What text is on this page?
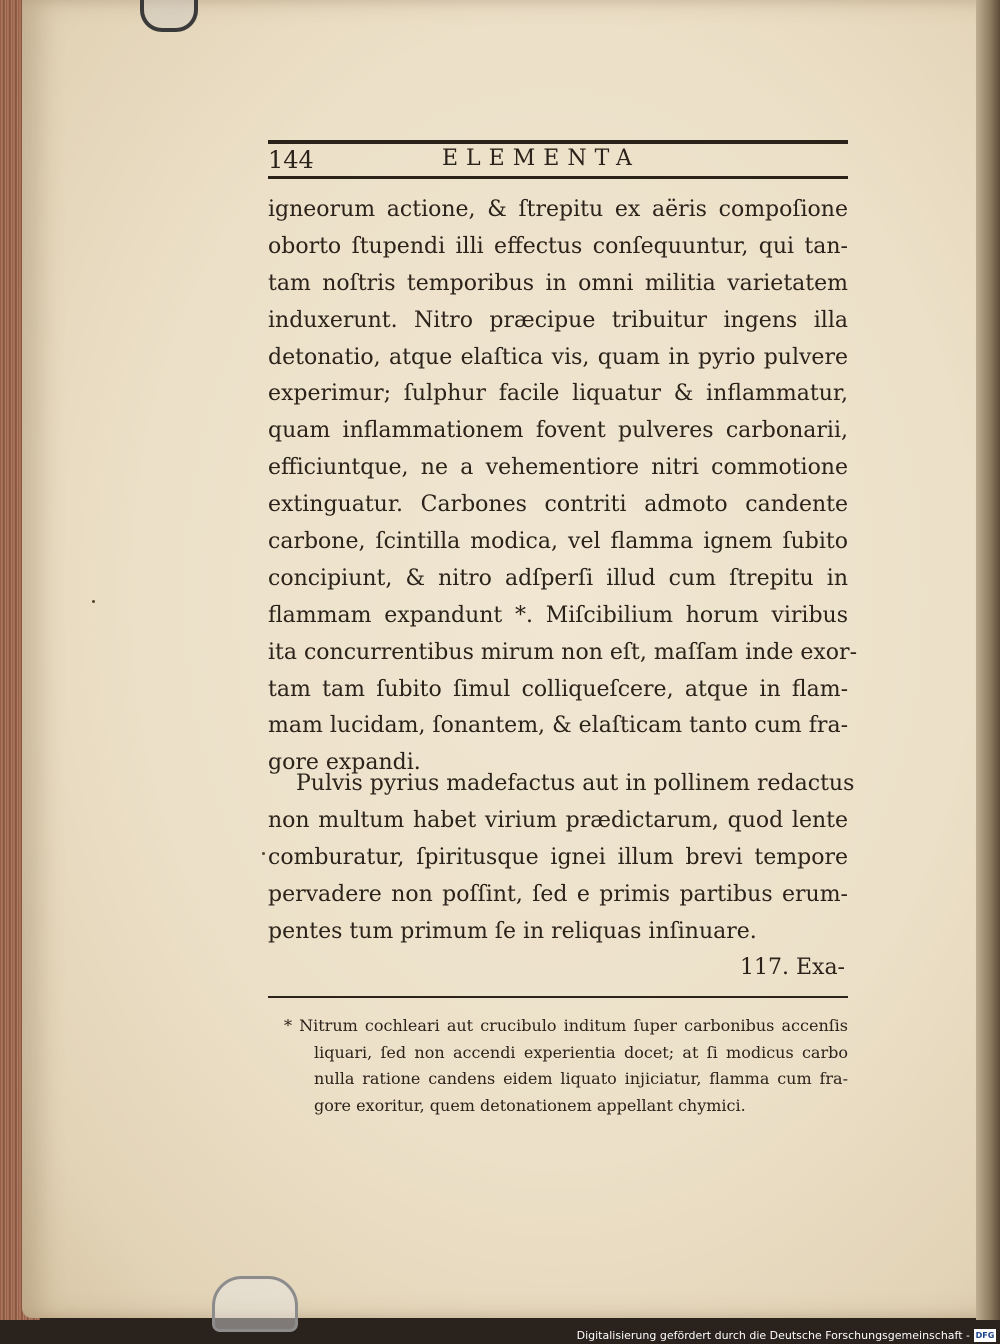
144	ELEMENTA
igneorum actione, & ſtrepitu ex aëris compoſione
oborto ſtupendi illi effectus conſequuntur, qui tan-
tam noſtris temporibus in omni militia varietatem
induxerunt. Nitro præcipue tribuitur ingens illa
detonatio, atque elaſtica vis, quam in pyrio pulvere
experimur; ſulphur facile liquatur & inflammatur,
quam inflammationem fovent pulveres carbonarii,
efficiuntque, ne a vehementiore nitri commotione
extinguatur. Carbones contriti admoto candente
carbone, ſcintilla modica, vel flamma ignem ſubito
concipiunt, & nitro adſperſi illud cum ſtrepitu in
flammam expandunt *. Miſcibilium horum viribus
ita concurrentibus mirum non eſt, maſſam inde exor-
tam tam ſubito ſimul colliqueſcere, atque in flam-
mam lucidam, ſonantem, & elaſticam tanto cum fra-
gore expandi.
Pulvis pyrius madefactus aut in pollinem redactus
non multum habet virium prædictarum, quod lente
comburatur, ſpiritusque ignei illum brevi tempore
pervadere non poſſint, ſed e primis partibus erum-
pentes tum primum ſe in reliquas inſinuare.
117. Exa-
* Nitrum cochleari aut crucibulo inditum ſuper carbonibus accenſis
liquari, ſed non accendi experientia docet; at ſi modicus carbo
nulla ratione candens eidem liquato injiciatur, flamma cum fra-
gore exoritur, quem detonationem appellant chymici.
Digitalisierung gefördert durch die Deutsche Forschungsgemeinschaft - DFG
